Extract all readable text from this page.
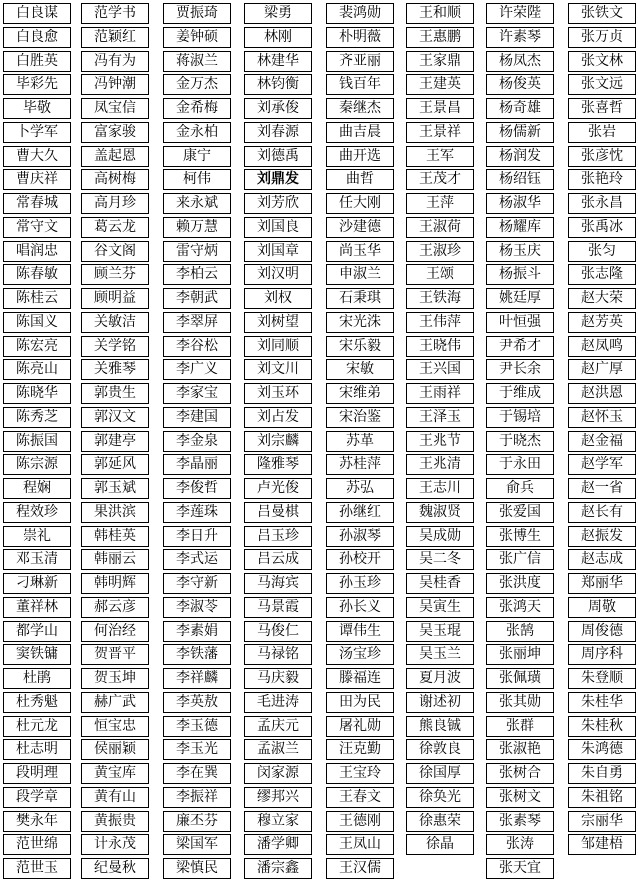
白良谋
白良愈
白胜英
毕彩先
毕敬
卜学军
曹大久
曹庆祥
常春城
常守文
唱润忠
陈春敏
陈桂云
陈国义
陈宏亮
陈亮山
陈晓华
陈秀芝
陈振国
陈宗源
程娴
程效珍
崇礼
邓玉清
刁琳新
董祥林
都学山
窦铁镛
杜鹃
杜秀魁
杜元龙
杜志明
段明理
段学章
樊永年
范世绵
范世玉
范学书
范颖红
冯有为
冯钟潮
凤宝信
富家骏
盖起恩
高树梅
高月珍
葛云龙
谷文阁
顾兰芬
顾明益
关敏洁
关学铭
关雅琴
郭贵生
郭汉文
郭建亭
郭延风
郭玉斌
果洪滨
韩桂英
韩丽云
韩明辉
郝云彦
何治经
贺晋平
贺玉坤
赫广武
恒宝忠
侯丽颖
黄宝库
黄有山
黄振贵
计永茂
纪曼秋
贾振琦
姜钟硕
蒋淑兰
金万杰
金希梅
金永柏
康宁
柯伟
来永斌
赖万慧
雷守炳
李柏云
李朝武
李翠屏
李谷松
李广义
李家宝
李建国
李金泉
李晶丽
李俊哲
李莲珠
李日升
李式运
李守新
李淑苓
李素娟
李铁藩
李祥麟
李英敖
李玉德
李玉光
李在巽
李振祥
廉丕芬
梁国军
梁慎民
梁勇
林刚
林建华
林钧衡
刘承俊
刘春源
刘德禹
刘鼎发
刘芳欣
刘国良
刘国章
刘汉明
刘权
刘树望
刘同顺
刘文川
刘玉环
刘占发
刘宗麟
隆雅琴
卢光俊
吕曼棋
吕玉珍
吕云成
马海宾
马景霞
马俊仁
马禄铭
马庆毅
毛进涛
孟庆元
孟淑兰
闵家源
缪邦兴
穆立家
潘学卿
潘宗鑫
裴鸿勋
朴明薇
齐亚丽
钱百年
秦继杰
曲吉晨
曲开选
曲哲
任大刚
沙建德
尚玉华
申淑兰
石秉琪
宋光洙
宋乐毅
宋敏
宋维弟
宋治鉴
苏革
苏桂萍
苏弘
孙继红
孙淑琴
孙校开
孙玉珍
孙长义
谭伟生
汤宝珍
滕福连
田为民
屠礼勋
汪克勤
王宝玲
王春文
王德刚
王凤山
王汉儒
王和顺
王惠鹏
王家鼎
王建英
王景昌
王景祥
王军
王茂才
王萍
王淑荷
王淑珍
王颂
王铁海
王伟萍
王晓伟
王兴国
王雨祥
王泽玉
王兆节
王兆清
王志川
魏淑贤
吴成勋
吴二冬
吴桂香
吴寅生
吴玉琨
吴玉兰
夏月波
谢述初
熊良铖
徐敦良
徐国厚
徐奂光
徐惠荣
徐晶
许荣陛
许素琴
杨凤杰
杨俊英
杨奇雄
杨儒新
杨润发
杨绍钰
杨淑华
杨耀库
杨玉庆
杨振斗
姚廷厚
叶恒强
尹希才
尹长余
于维成
于锡培
于晓杰
于永田
俞兵
张爱国
张博生
张广信
张洪度
张鸿天
张鹄
张丽坤
张佩璜
张其勋
张群
张淑艳
张树合
张树文
张素琴
张涛
张天宜
张铁文
张万贞
张文林
张文远
张喜哲
张岩
张彦忱
张艳玲
张永昌
张禹冰
张匀
张志隆
赵大荣
赵芳英
赵凤鸣
赵广厚
赵洪恩
赵怀玉
赵金福
赵学军
赵一省
赵长有
赵振发
赵志成
郑丽华
周敬
周俊德
周序科
朱登顺
朱桂华
朱桂秋
朱鸿德
朱自勇
朱祖铭
宗丽华
邹建梧
